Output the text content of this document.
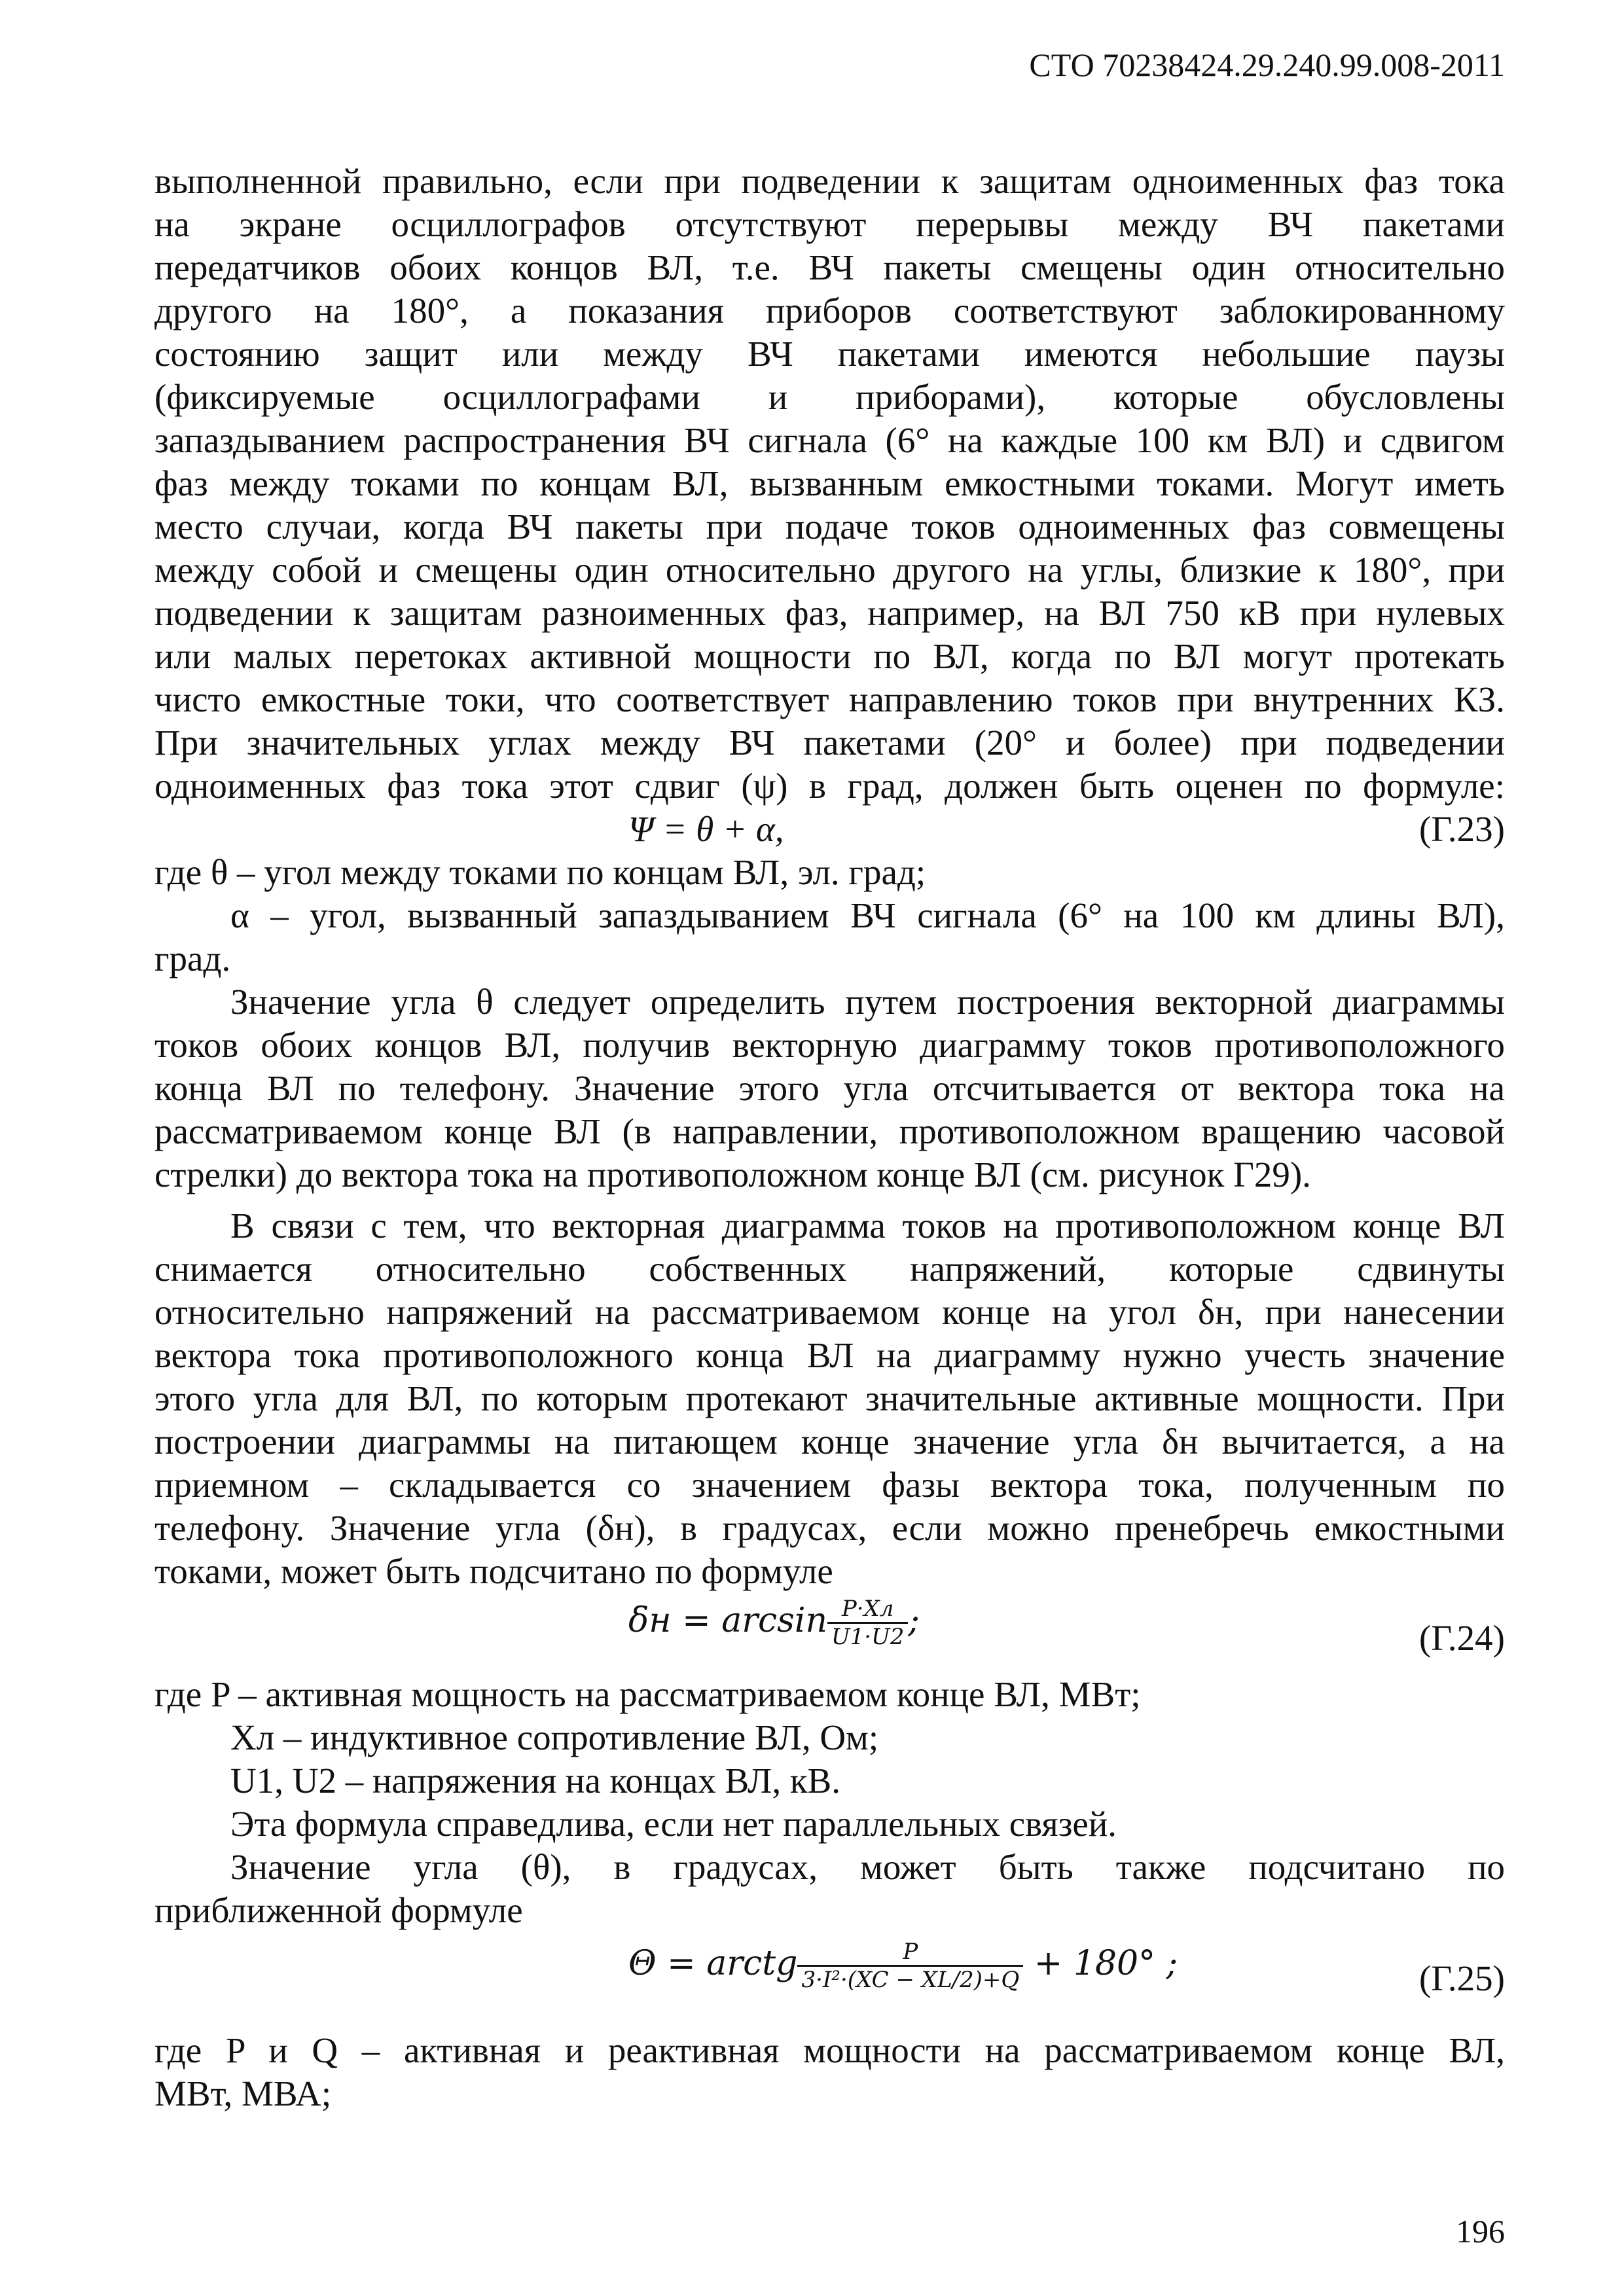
СТО 70238424.29.240.99.008-2011
выполненной правильно, если при подведении к защитам одноименных фаз тока
на экране осциллографов отсутствуют перерывы между ВЧ пакетами
передатчиков обоих концов ВЛ, т.е. ВЧ пакеты смещены один относительно
другого на 180°, а показания приборов соответствуют заблокированному
состоянию защит или между ВЧ пакетами имеются небольшие паузы
(фиксируемые осциллографами и приборами), которые обусловлены
запаздыванием распространения ВЧ сигнала (6° на каждые 100 км ВЛ) и сдвигом
фаз между токами по концам ВЛ, вызванным емкостными токами. Могут иметь
место случаи, когда ВЧ пакеты при подаче токов одноименных фаз совмещены
между собой и смещены один относительно другого на углы, близкие к 180°, при
подведении к защитам разноименных фаз, например, на ВЛ 750 кВ при нулевых
или малых перетоках активной мощности по ВЛ, когда по ВЛ могут протекать
чисто емкостные токи, что соответствует направлению токов при внутренних КЗ.
При значительных углах между ВЧ пакетами (20° и более) при подведении
одноименных фаз тока этот сдвиг (ψ) в град, должен быть оценен по формуле:
Ψ = θ + α,	(Г.23)
где θ – угол между токами по концам ВЛ, эл. град;
α – угол, вызванный запаздыванием ВЧ сигнала (6° на 100 км длины ВЛ),
град.
Значение угла θ следует определить путем построения векторной диаграммы
токов обоих концов ВЛ, получив векторную диаграмму токов противоположного
конца ВЛ по телефону. Значение этого угла отсчитывается от вектора тока на
рассматриваемом конце ВЛ (в направлении, противоположном вращению часовой
стрелки) до вектора тока на противоположном конце ВЛ (см. рисунок Г29).
В связи с тем, что векторная диаграмма токов на противоположном конце ВЛ
снимается относительно собственных напряжений, которые сдвинуты
относительно напряжений на рассматриваемом конце на угол δн, при нанесении
вектора тока противоположного конца ВЛ на диаграмму нужно учесть значение
этого угла для ВЛ, по которым протекают значительные активные мощности. При
построении диаграммы на питающем конце значение угла δн вычитается, а на
приемном – складывается со значением фазы вектора тока, полученным по
телефону. Значение угла (δн), в градусах, если можно пренебречь емкостными
токами, может быть подсчитано по формуле
$\delta н = \arcsin \frac{P\cdot Xл}{U1\cdot U2}$ ;	(Г.24)
где P – активная мощность на рассматриваемом конце ВЛ, МВт;
Xл – индуктивное сопротивление ВЛ, Ом;
U1, U2 – напряжения на концах ВЛ, кВ.
Эта формула справедлива, если нет параллельных связей.
Значение угла (θ), в градусах, может быть также подсчитано по
приближенной формуле
Θ = arctg $\frac{P}{\text{3·I²·(XC − XL/2)+Q}} + 180^\circ$ ;	(Г.25)
где P и Q – активная и реактивная мощности на рассматриваемом конце ВЛ,
МВт, МВА;
196
